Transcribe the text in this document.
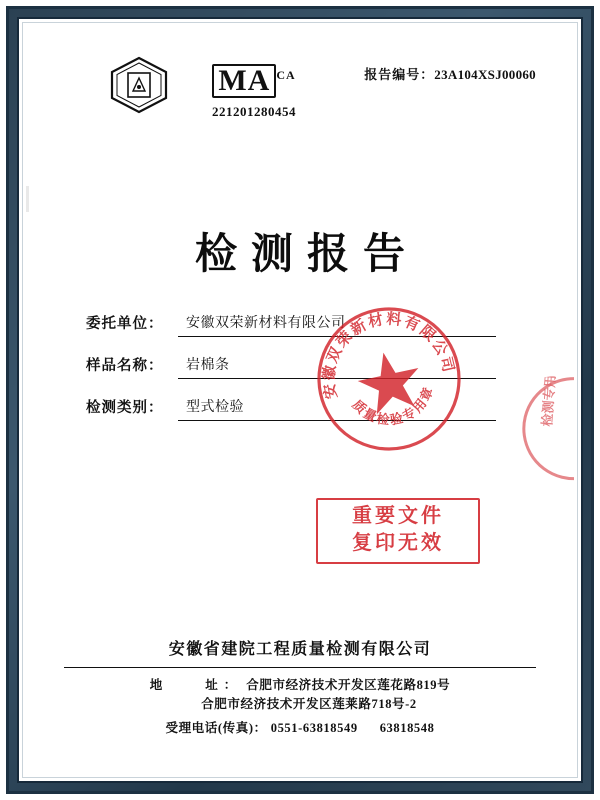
MA $^{CA}$
221201280454
报告编号：23A104XSJ00060
检测报告
委托单位：	安徽双荣新材料有限公司
样品名称：	岩棉条
检测类别：	型式检验
安徽双荣新材料有限公司
质量检验专用章	检测专用章
重要文件
复印无效
安徽省建院工程质量检测有限公司
地　　址： 合肥市经济技术开发区莲花路819号
合肥市经济技术开发区莲莱路718号-2
受理电话(传真)： 0551-63818549 63818548
